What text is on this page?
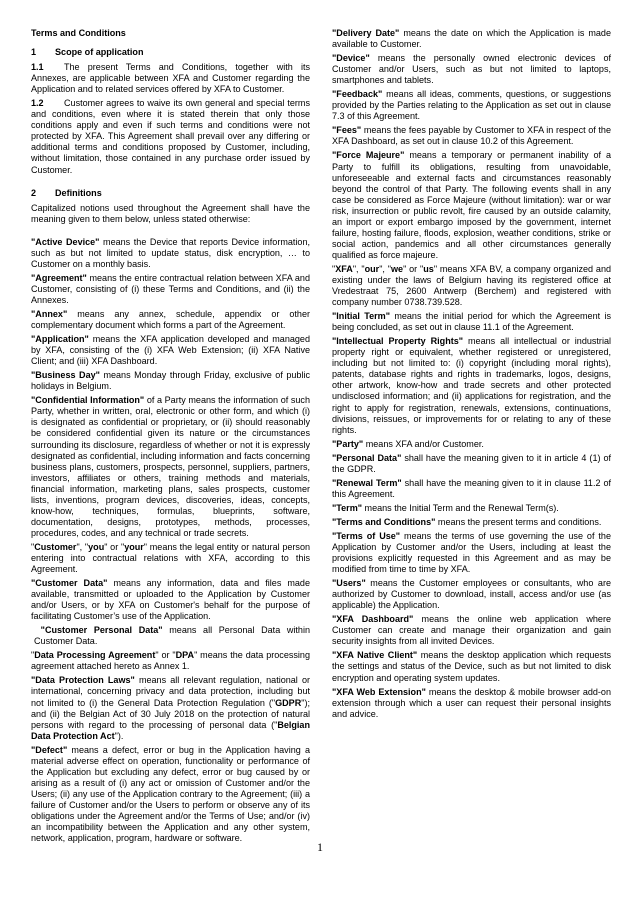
Terms and Conditions

1	Scope of application

1.1 The present Terms and Conditions, together with its Annexes, are applicable between XFA and Customer regarding the Application and to related services offered by XFA to Customer.

1.2 Customer agrees to waive its own general and special terms and conditions, even where it is stated therein that only those conditions apply and even if such terms and conditions were not protected by XFA. This Agreement shall prevail over any differing or additional terms and conditions proposed by Customer, including, without limitation, those contained in any purchase order issued by Customer.

2	Definitions

Capitalized notions used throughout the Agreement shall have the meaning given to them below, unless stated otherwise:

"Active Device" means the Device that reports Device information, such as but not limited to update status, disk encryption, … to Customer on a monthly basis.

"Agreement" means the entire contractual relation between XFA and Customer, consisting of (i) these Terms and Conditions, and (ii) the Annexes.

"Annex" means any annex, schedule, appendix or other complementary document which forms a part of the Agreement.

"Application" means the XFA application developed and managed by XFA, consisting of the (i) XFA Web Extension; (ii) XFA Native Client; and (iii) XFA Dashboard.

"Business Day" means Monday through Friday, exclusive of public holidays in Belgium.

"Confidential Information" of a Party means the information of such Party, whether in written, oral, electronic or other form, and which (i) is designated as confidential or proprietary, or (ii) should reasonably be considered confidential given its nature or the circumstances surrounding its disclosure, regardless of whether or not it is expressly designated as confidential, including information and facts concerning business plans, customers, prospects, personnel, suppliers, partners, investors, affiliates or others, training methods and materials, financial information, marketing plans, sales prospects, customer lists, inventions, program devices, discoveries, ideas, concepts, know-how, techniques, formulas, blueprints, software, documentation, designs, prototypes, methods, processes, procedures, codes, and any technical or trade secrets.

"Customer", "you" or "your" means the legal entity or natural person entering into contractual relations with XFA, according to this Agreement.

"Customer Data" means any information, data and files made available, transmitted or uploaded to the Application by Customer and/or Users, or by XFA on Customer's behalf for the purpose of facilitating Customer’s use of the Application.

"Customer Personal Data" means all Personal Data within Customer Data.

"Data Processing Agreement" or "DPA" means the data processing agreement attached hereto as Annex 1.

"Data Protection Laws" means all relevant regulation, national or international, concerning privacy and data protection, including but not limited to (i) the General Data Protection Regulation ("GDPR"); and (ii) the Belgian Act of 30 July 2018 on the protection of natural persons with regard to the processing of personal data ("Belgian Data Protection Act").

"Defect" means a defect, error or bug in the Application having a material adverse effect on operation, functionality or performance of the Application but excluding any defect, error or bug caused by or arising as a result of (i) any act or omission of Customer and/or the Users; (ii) any use of the Application contrary to the Agreement; (iii) a failure of Customer and/or the Users to perform or observe any of its obligations under the Agreement and/or the Terms of Use; and/or (iv) an incompatibility between the Application and any other system, network, application, program, hardware or software.

"Delivery Date" means the date on which the Application is made available to Customer.

"Device" means the personally owned electronic devices of Customer and/or Users, such as but not limited to laptops, smartphones and tablets.

"Feedback" means all ideas, comments, questions, or suggestions provided by the Parties relating to the Application as set out in clause 7.3 of this Agreement.

"Fees" means the fees payable by Customer to XFA in respect of the XFA Dashboard, as set out in clause 10.2 of this Agreement.

"Force Majeure" means a temporary or permanent inability of a Party to fulfill its obligations, resulting from unavoidable, unforeseeable and external facts and circumstances reasonably beyond the control of that Party. The following events shall in any case be considered as Force Majeure (without limitation): war or war risk, insurrection or public revolt, fire caused by an outside calamity, an import or export embargo imposed by the government, internet failure, hosting failure, floods, explosion, weather conditions, strike or social action, pandemics and all other circumstances generally qualified as force majeure.

"XFA", "our", "we" or "us" means XFA BV, a company organized and existing under the laws of Belgium having its registered office at Vredestraat 75, 2600 Antwerp (Berchem) and registered with company number 0738.739.528.

"Initial Term" means the initial period for which the Agreement is being concluded, as set out in clause 11.1 of the Agreement.

"Intellectual Property Rights" means all intellectual or industrial property right or equivalent, whether registered or unregistered, including but not limited to: (i) copyright (including moral rights), patents, database rights and rights in trademarks, logos, designs, other artwork, know-how and trade secrets and other protected undisclosed information; and (ii) applications for registration, and the right to apply for registration, renewals, extensions, continuations, divisions, reissues, or improvements for or relating to any of these rights.

"Party" means XFA and/or Customer.

"Personal Data" shall have the meaning given to it in article 4 (1) of the GDPR.

"Renewal Term" shall have the meaning given to it in clause 11.2 of this Agreement.

"Term" means the Initial Term and the Renewal Term(s).

"Terms and Conditions" means the present terms and conditions.

"Terms of Use" means the terms of use governing the use of the Application by Customer and/or the Users, including at least the provisions explicitly requested in this Agreement and as may be modified from time to time by XFA.

"Users" means the Customer employees or consultants, who are authorized by Customer to download, install, access and/or use (as applicable) the Application.

"XFA Dashboard" means the online web application where Customer can create and manage their organization and gain security insights from all invited Devices.

"XFA Native Client" means the desktop application which requests the settings and status of the Device, such as but not limited to disk encryption and operating system updates.

"XFA Web Extension" means the desktop & mobile browser add-on extension through which a user can request their personal insights and advice.

1
